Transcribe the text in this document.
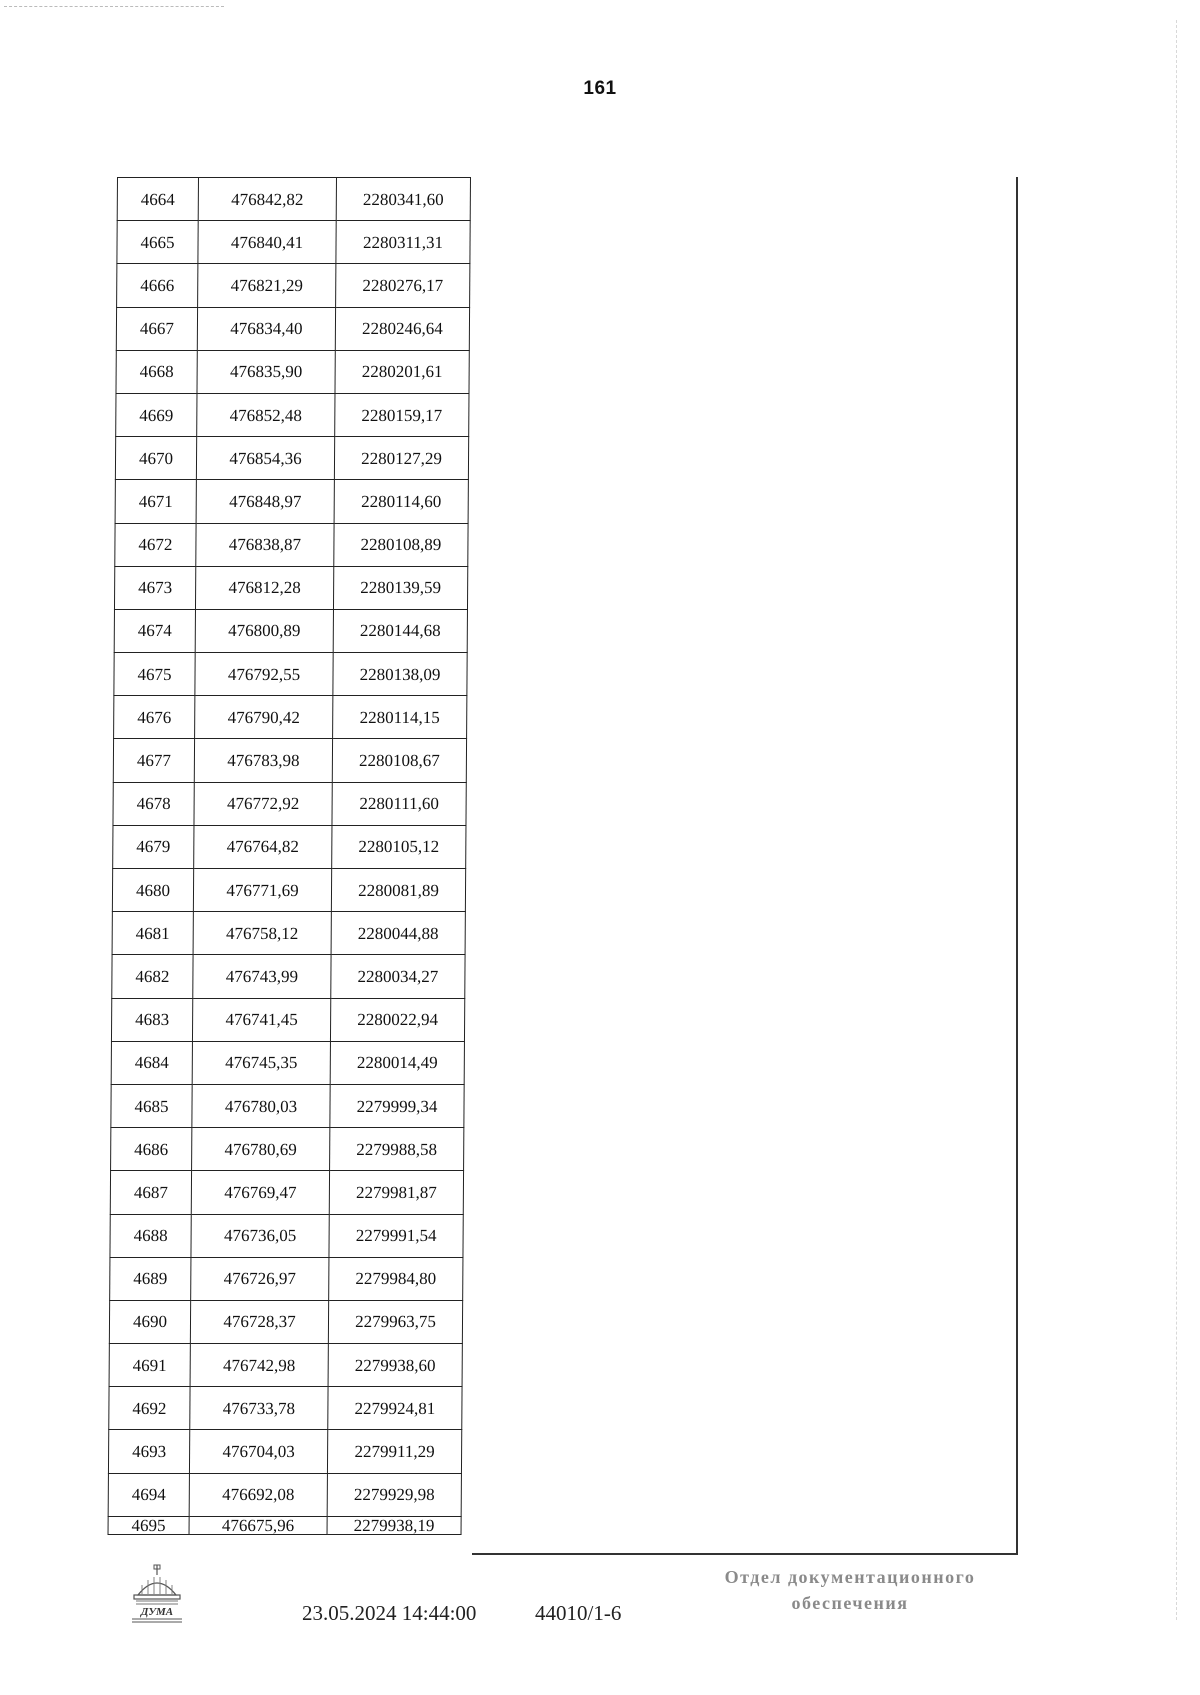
161
4664	476842,82	2280341,60
4665	476840,41	2280311,31
4666	476821,29	2280276,17
4667	476834,40	2280246,64
4668	476835,90	2280201,61
4669	476852,48	2280159,17
4670	476854,36	2280127,29
4671	476848,97	2280114,60
4672	476838,87	2280108,89
4673	476812,28	2280139,59
4674	476800,89	2280144,68
4675	476792,55	2280138,09
4676	476790,42	2280114,15
4677	476783,98	2280108,67
4678	476772,92	2280111,60
4679	476764,82	2280105,12
4680	476771,69	2280081,89
4681	476758,12	2280044,88
4682	476743,99	2280034,27
4683	476741,45	2280022,94
4684	476745,35	2280014,49
4685	476780,03	2279999,34
4686	476780,69	2279988,58
4687	476769,47	2279981,87
4688	476736,05	2279991,54
4689	476726,97	2279984,80
4690	476728,37	2279963,75
4691	476742,98	2279938,60
4692	476733,78	2279924,81
4693	476704,03	2279911,29
4694	476692,08	2279929,98
4695	476675,96	2279938,19
ДУМА	23.05.2024 14:44:00	44010/1-6
Отдел документационного
обеспечения
